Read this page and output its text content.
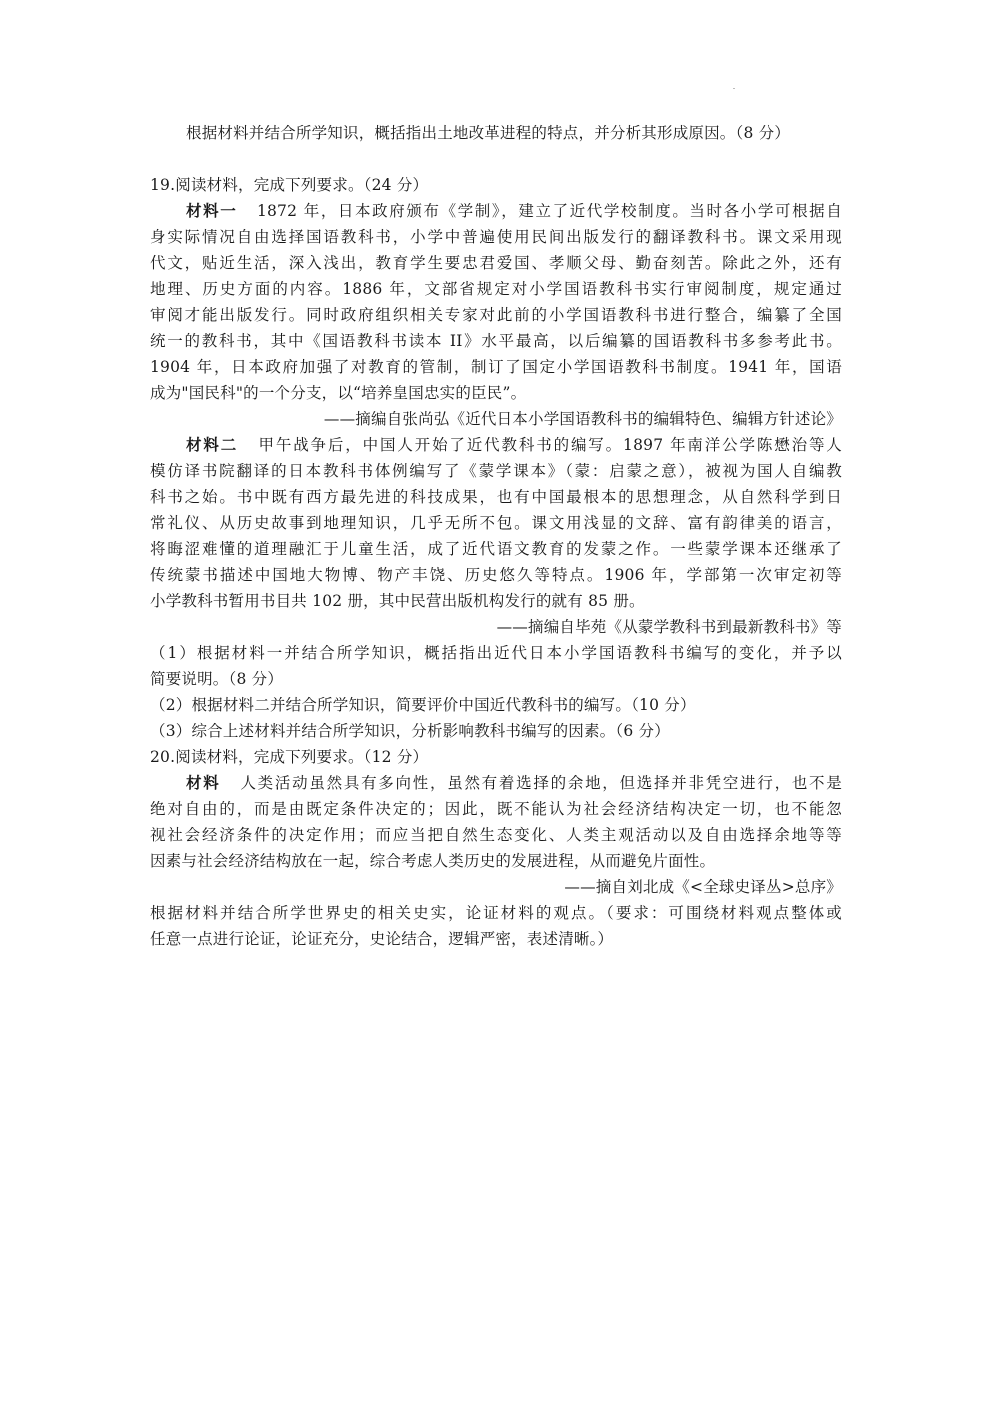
根据材料并结合所学知识，概括指出土地改革进程的特点，并分析其形成原因。（8 分）
19.阅读材料，完成下列要求。（24 分）
材料一 1872 年，日本政府颁布《学制》，建立了近代学校制度。当时各小学可根据自
身实际情况自由选择国语教科书，小学中普遍使用民间出版发行的翻译教科书。课文采用现
代文，贴近生活，深入浅出，教育学生要忠君爱国、孝顺父母、勤奋刻苦。除此之外，还有
地理、历史方面的内容。1886 年，文部省规定对小学国语教科书实行审阅制度，规定通过
审阅才能出版发行。同时政府组织相关专家对此前的小学国语教科书进行整合，编纂了全国
统一的教科书，其中《国语教科书读本 II》水平最高，以后编纂的国语教科书多参考此书。
1904 年，日本政府加强了对教育的管制，制订了国定小学国语教科书制度。1941 年，国语
成为"国民科"的一个分支，以“培养皇国忠实的臣民”。
——摘编自张尚弘《近代日本小学国语教科书的编辑特色、编辑方针述论》
材料二 甲午战争后，中国人开始了近代教科书的编写。1897 年南洋公学陈懋治等人
模仿译书院翻译的日本教科书体例编写了《蒙学课本》（蒙：启蒙之意），被视为国人自编教
科书之始。书中既有西方最先进的科技成果，也有中国最根本的思想理念，从自然科学到日
常礼仪、从历史故事到地理知识，几乎无所不包。课文用浅显的文辞、富有韵律美的语言，
将晦涩难懂的道理融汇于儿童生活，成了近代语文教育的发蒙之作。一些蒙学课本还继承了
传统蒙书描述中国地大物博、物产丰饶、历史悠久等特点。1906 年，学部第一次审定初等
小学教科书暂用书目共 102 册，其中民营出版机构发行的就有 85 册。
——摘编自毕苑《从蒙学教科书到最新教科书》等
（1）根据材料一并结合所学知识，概括指出近代日本小学国语教科书编写的变化，并予以
简要说明。（8 分）
（2）根据材料二并结合所学知识，简要评价中国近代教科书的编写。（10 分）
（3）综合上述材料并结合所学知识，分析影响教科书编写的因素。（6 分）
20.阅读材料，完成下列要求。（12 分）
材料 人类活动虽然具有多向性，虽然有着选择的余地，但选择并非凭空进行，也不是
绝对自由的，而是由既定条件决定的；因此，既不能认为社会经济结构决定一切，也不能忽
视社会经济条件的决定作用；而应当把自然生态变化、人类主观活动以及自由选择余地等等
因素与社会经济结构放在一起，综合考虑人类历史的发展进程，从而避免片面性。
——摘自刘北成《<全球史译丛>总序》
根据材料并结合所学世界史的相关史实，论证材料的观点。（要求：可围绕材料观点整体或
任意一点进行论证，论证充分，史论结合，逻辑严密，表述清晰。）
